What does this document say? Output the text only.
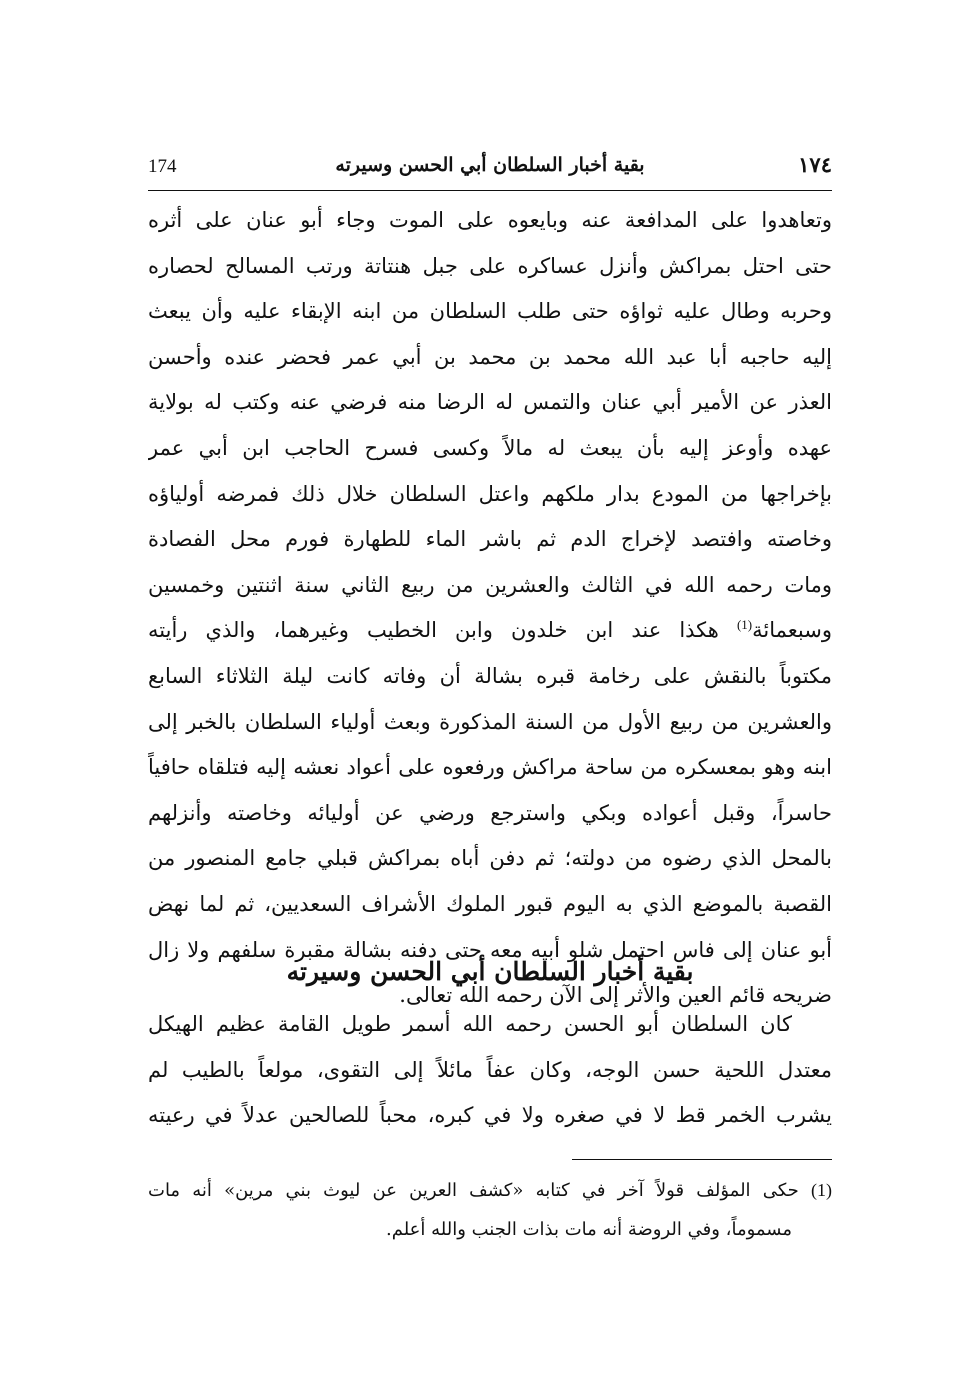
174	بقية أخبار السلطان أبي الحسن وسيرته	١٧٤
وتعاهدوا على المدافعة عنه وبايعوه على الموت وجاء أبو عنان على أثره
حتى احتل بمراكش وأنزل عساكره على جبل هنتاتة ورتب المسالح لحصاره
وحربه وطال عليه ثواؤه حتى طلب السلطان من ابنه الإبقاء عليه وأن يبعث
إليه حاجبه أبا عبد الله محمد بن محمد بن أبي عمر فحضر عنده وأحسن
العذر عن الأمير أبي عنان والتمس له الرضا منه فرضي عنه وكتب له بولاية
عهده وأوعز إليه بأن يبعث له مالاً وكسى فسرح الحاجب ابن أبي عمر
بإخراجها من المودع بدار ملكهم واعتل السلطان خلال ذلك فمرضه أولياؤه
وخاصته وافتصد لإخراج الدم ثم باشر الماء للطهارة فورم محل الفصادة
ومات رحمه الله في الثالث والعشرين من ربيع الثاني سنة اثنتين وخمسين
وسبعمائة$^{(1)}$ هكذا عند ابن خلدون وابن الخطيب وغيرهما، والذي رأيته
مكتوباً بالنقش على رخامة قبره بشالة أن وفاته كانت ليلة الثلاثاء السابع
والعشرين من ربيع الأول من السنة المذكورة وبعث أولياء السلطان بالخبر إلى
ابنه وهو بمعسكره من ساحة مراكش ورفعوه على أعواد نعشه إليه فتلقاه حافياً
حاسراً، وقبل أعواده وبكي واسترجع ورضي عن أوليائه وخاصته وأنزلهم
بالمحل الذي رضوه من دولته؛ ثم دفن أباه بمراكش قبلي جامع المنصور من
القصبة بالموضع الذي به اليوم قبور الملوك الأشراف السعديين، ثم لما نهض
أبو عنان إلى فاس احتمل شلو أبيه معه حتى دفنه بشالة مقبرة سلفهم ولا زال
ضريحه قائم العين والأثر إلى الآن رحمه الله تعالى.
بقية أخبار السلطان أبي الحسن وسيرته
كان السلطان أبو الحسن رحمه الله أسمر طويل القامة عظيم الهيكل
معتدل اللحية حسن الوجه، وكان عفاً مائلاً إلى التقوى، مولعاً بالطيب لم
يشرب الخمر قط لا في صغره ولا في كبره، محباً للصالحين عدلاً في رعيته
(1) حكى المؤلف قولاً آخر في كتابه «كشف العرين عن ليوث بني مرين» أنه مات
مسموماً، وفي الروضة أنه مات بذات الجنب والله أعلم.
